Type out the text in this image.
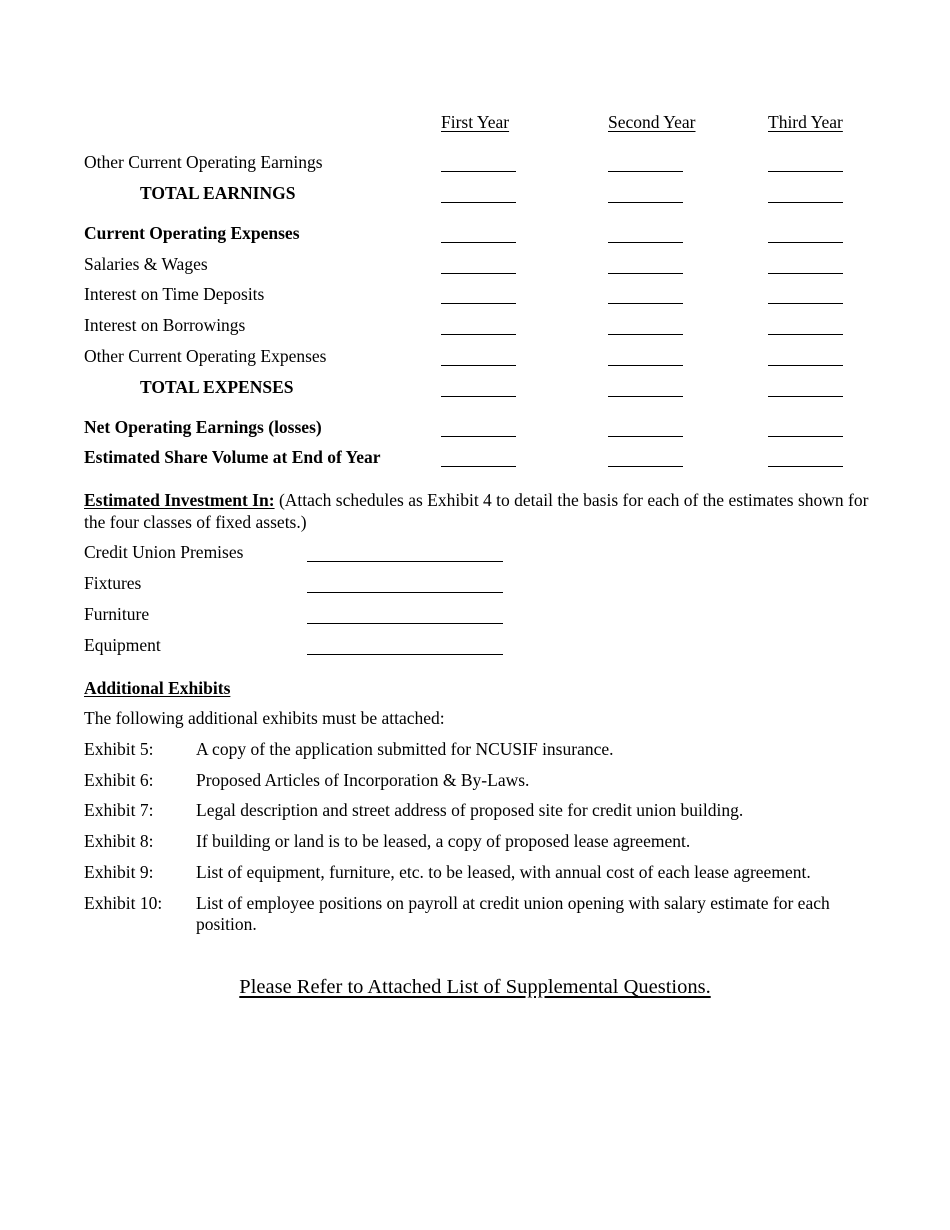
First Year	Second Year	Third Year
Other Current Operating Earnings
TOTAL EARNINGS
Current Operating Expenses
Salaries & Wages
Interest on Time Deposits
Interest on Borrowings
Other Current Operating Expenses
TOTAL EXPENSES
Net Operating Earnings (losses)
Estimated Share Volume at End of Year
Estimated Investment In: (Attach schedules as Exhibit 4 to detail the basis for each of the estimates shown for the four classes of fixed assets.)
Credit Union Premises
Fixtures
Furniture
Equipment
Additional Exhibits
The following additional exhibits must be attached:
Exhibit 5: A copy of the application submitted for NCUSIF insurance.
Exhibit 6: Proposed Articles of Incorporation & By-Laws.
Exhibit 7: Legal description and street address of proposed site for credit union building.
Exhibit 8: If building or land is to be leased, a copy of proposed lease agreement.
Exhibit 9: List of equipment, furniture, etc. to be leased, with annual cost of each lease agreement.
Exhibit 10: List of employee positions on payroll at credit union opening with salary estimate for each position.
Please Refer to Attached List of Supplemental Questions.
